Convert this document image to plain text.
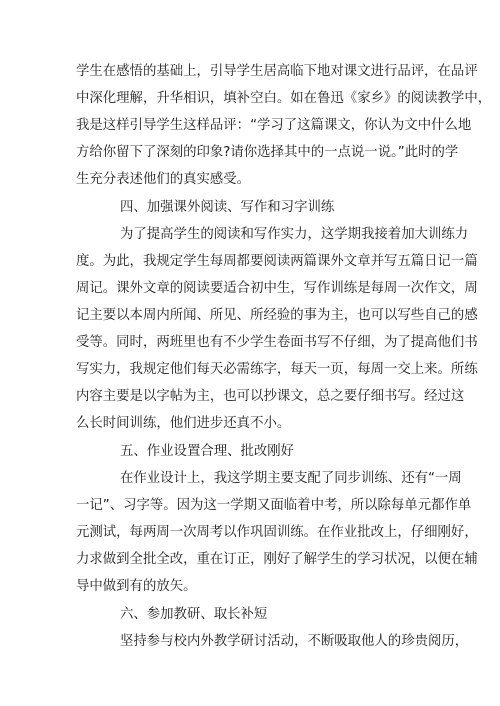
学生在感悟的基础上，引导学生居高临下地对课文进行品评，在品评
中深化理解，升华相识，填补空白。如在鲁迅《家乡》的阅读教学中，
我是这样引导学生这样品评：“学习了这篇课文，你认为文中什么地
方给你留下了深刻的印象?请你选择其中的一点说一说。”此时的学
生充分表述他们的真实感受。
四、加强课外阅读、写作和习字训练
为了提高学生的阅读和写作实力，这学期我接着加大训练力
度。为此，我规定学生每周都要阅读两篇课外文章并写五篇日记一篇
周记。课外文章的阅读要适合初中生，写作训练是每周一次作文，周
记主要以本周内所闻、所见、所经验的事为主，也可以写些自己的感
受等。同时，两班里也有不少学生卷面书写不仔细，为了提高他们书
写实力，我规定他们每天必需练字，每天一页，每周一交上来。所练
内容主要是以字帖为主，也可以抄课文，总之要仔细书写。经过这
么长时间训练，他们进步还真不小。
五、作业设置合理、批改刚好
在作业设计上，我这学期主要支配了同步训练、还有“一周
一记”、习字等。因为这一学期又面临着中考，所以除每单元都作单
元测试，每两周一次周考以作巩固训练。在作业批改上，仔细刚好，
力求做到全批全改，重在订正，刚好了解学生的学习状况，以便在辅
导中做到有的放矢。
六、参加教研、取长补短
坚持参与校内外教学研讨活动，不断吸取他人的珍贵阅历，
